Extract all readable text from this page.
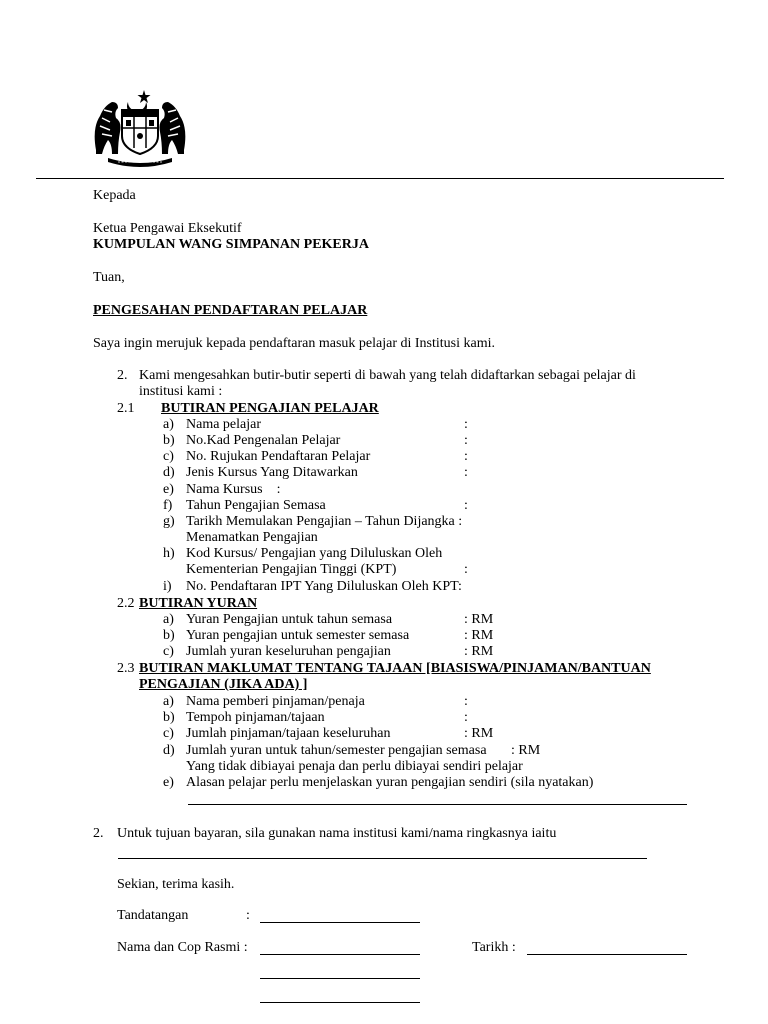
Kepada
Ketua Pengawai Eksekutif
KUMPULAN WANG SIMPANAN PEKERJA
Tuan,
PENGESAHAN PENDAFTARAN PELAJAR
Saya ingin merujuk kepada pendaftaran masuk pelajar di Institusi kami.
2. Kami mengesahkan butir-butir seperti di bawah yang telah didaftarkan sebagai pelajar di
institusi kami :
2.1 BUTIRAN PENGAJIAN PELAJAR
a) Nama pelajar	:
b) No.Kad Pengenalan Pelajar	:
c) No. Rujukan Pendaftaran Pelajar	:
d) Jenis Kursus Yang Ditawarkan	:
e) Nama Kursus    :
f) Tahun Pengajian Semasa	:
g) Tarikh Memulakan Pengajian – Tahun Dijangka :
Menamatkan Pengajian
h) Kod Kursus/ Pengajian yang Diluluskan Oleh
Kementerian Pengajian Tinggi (KPT)	:
i) No. Pendaftaran IPT Yang Diluluskan Oleh KPT:
2.2 BUTIRAN YURAN
a) Yuran Pengajian untuk tahun semasa	: RM
b) Yuran pengajian untuk semester semasa	: RM
c) Jumlah yuran keseluruhan pengajian	: RM
2.3 BUTIRAN MAKLUMAT TENTANG TAJAAN [BIASISWA/PINJAMAN/BANTUAN
PENGAJIAN (JIKA ADA) ]
a) Nama pemberi pinjaman/penaja	:
b) Tempoh pinjaman/tajaan	:
c) Jumlah pinjaman/tajaan keseluruhan	: RM
d) Jumlah yuran untuk tahun/semester pengajian semasa : RM
Yang tidak dibiayai penaja dan perlu dibiayai sendiri pelajar
e) Alasan pelajar perlu menjelaskan yuran pengajian sendiri (sila nyatakan)
2. Untuk tujuan bayaran, sila gunakan nama institusi kami/nama ringkasnya iaitu
Sekian, terima kasih.
Tandatangan	:
Nama dan Cop Rasmi :	Tarikh :
